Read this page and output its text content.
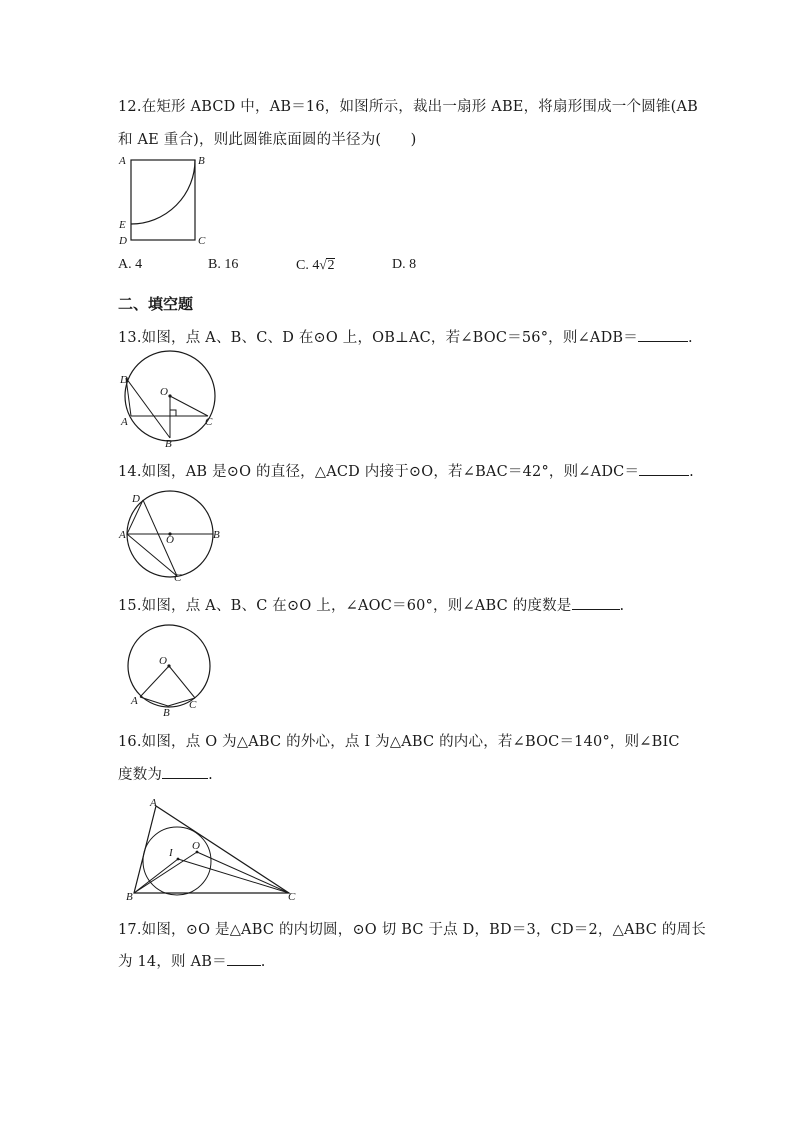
12.在矩形 ABCD 中，AB＝16，如图所示，裁出一扇形 ABE，将扇形围成一个圆锥(AB
和 AE 重合)，则此圆锥底面圆的半径为(　　)
A	B
E
D	C
A. 4	B. 16	C. 4√2	D. 8
二、填空题
13.如图，点 A、B、C、D 在⊙O 上，OB⊥AC，若∠BOC＝56°，则∠ADB＝	.
D
O
A	C
B
14.如图，AB 是⊙O 的直径，△ACD 内接于⊙O，若∠BAC＝42°，则∠ADC＝	.
D
A	O	B
C
15.如图，点 A、B、C 在⊙O 上，∠AOC＝60°，则∠ABC 的度数是	.
O
A	C
B
16.如图，点 O 为△ABC 的外心，点 I 为△ABC 的内心，若∠BOC＝140°，则∠BIC
度数为	.
A
O
I
B	C
17.如图，⊙O 是△ABC 的内切圆，⊙O 切 BC 于点 D，BD＝3，CD＝2，△ABC 的周长
为 14，则 AB＝ .
